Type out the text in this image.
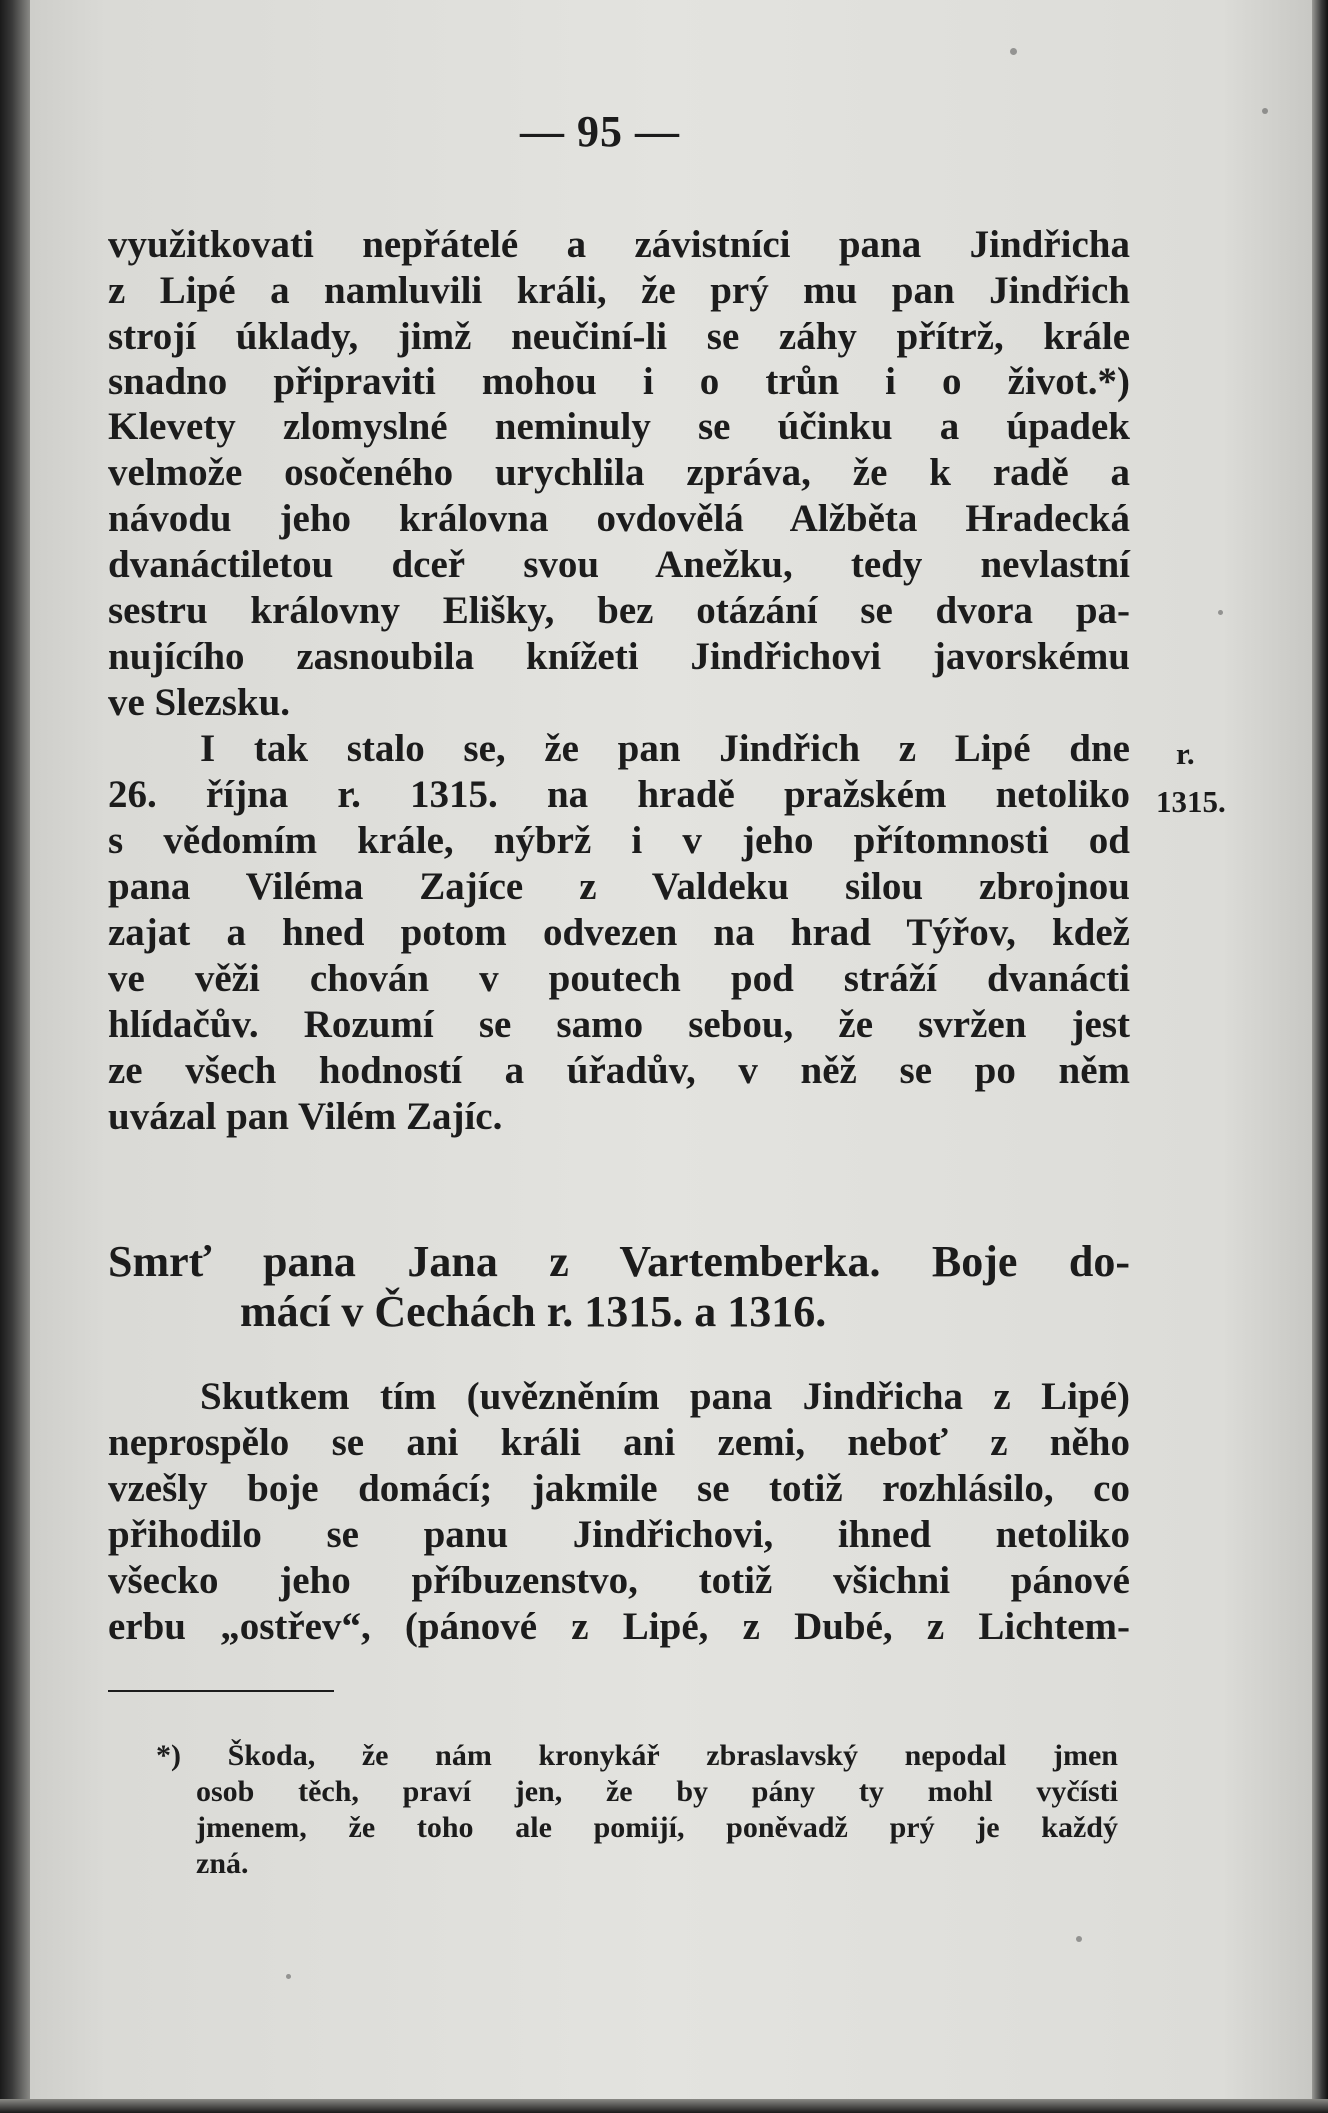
— 95 —
využitkovati nepřátelé a závistníci pana Jindřicha
z Lipé a namluvili králi, že prý mu pan Jindřich
strojí úklady, jimž neučiní-li se záhy přítrž, krále
snadno připraviti mohou i o trůn i o život.*)
Klevety zlomyslné neminuly se účinku a úpadek
velmože osočeného urychlila zpráva, že k radě a
návodu jeho královna ovdovělá Alžběta Hradecká
dvanáctiletou dceř svou Anežku, tedy nevlastní
sestru královny Elišky, bez otázání se dvora pa-
nujícího zasnoubila knížeti Jindřichovi javorskému
ve Slezsku.
I tak stalo se, že pan Jindřich z Lipé dne
26. října r. 1315. na hradě pražském netoliko
s vědomím krále, nýbrž i v jeho přítomnosti od
pana Viléma Zajíce z Valdeku silou zbrojnou
zajat a hned potom odvezen na hrad Týřov, kdež
ve věži chován v poutech pod stráží dvanácti
hlídačův. Rozumí se samo sebou, že svržen jest
ze všech hodností a úřadův, v něž se po něm
uvázal pan Vilém Zajíc.
r.
1315.
Smrť pana Jana z Vartemberka. Boje do-
mácí v Čechách r. 1315. a 1316.
Skutkem tím (uvězněním pana Jindřicha z Lipé)
neprospělo se ani králi ani zemi, neboť z něho
vzešly boje domácí; jakmile se totiž rozhlásilo, co
přihodilo se panu Jindřichovi, ihned netoliko
všecko jeho příbuzenstvo, totiž všichni pánové
erbu „ostřev“, (pánové z Lipé, z Dubé, z Lichtem-
*) Škoda, že nám kronykář zbraslavský nepodal jmen
osob těch, praví jen, že by pány ty mohl vyčísti
jmenem, že toho ale pomijí, poněvadž prý je každý
zná.
